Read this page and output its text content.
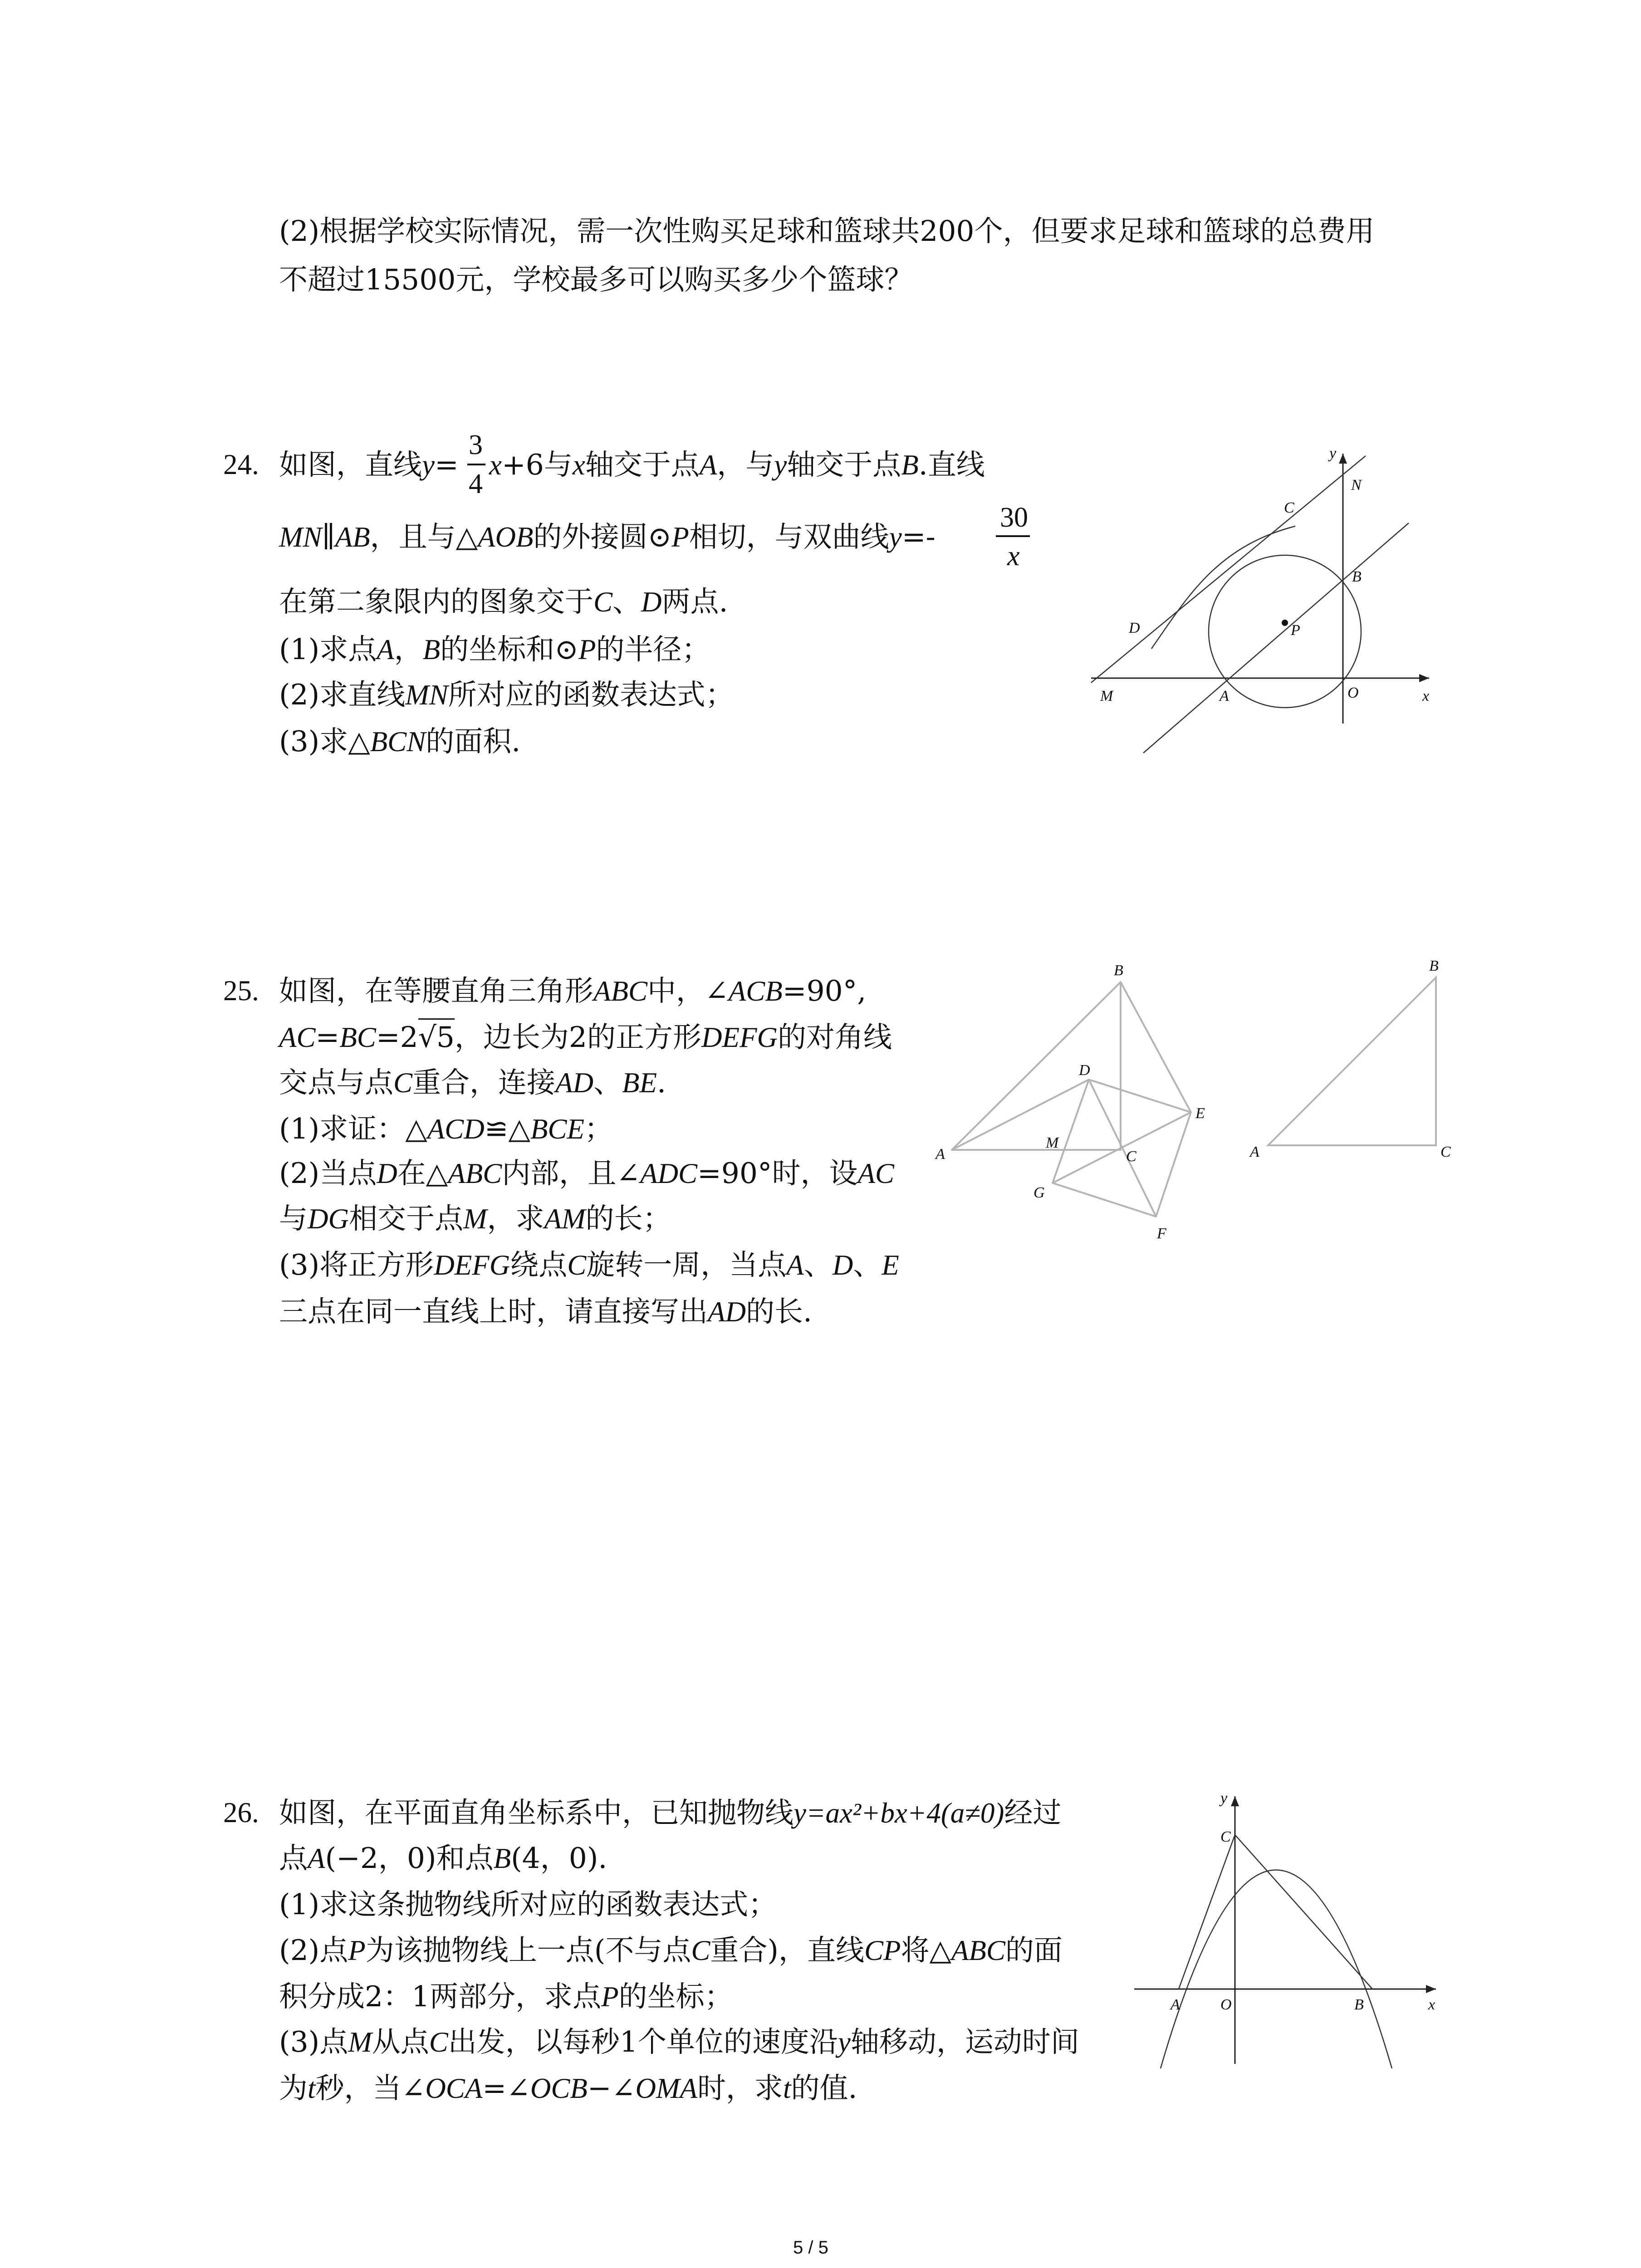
(2)根据学校实际情况，需一次性购买足球和篮球共200个，但要求足球和篮球的总费用
不超过15500元，学校最多可以购买多少个篮球？
24. 如图，直线y=
3
4
x+6与x轴交于点A，与y轴交于点B.直线
MN∥AB，且与△AOB的外接圆⊙P相切，与双曲线y=-
30
x
在第二象限内的图象交于C、D两点.
(1)求点A，B的坐标和⊙P的半径；
(2)求直线MN所对应的函数表达式；
(3)求△BCN的面积.
y
N
C
B
D	P
M	A	O	x
25. 如图，在等腰直角三角形ABC中，∠ACB=90°,
AC=BC=2√5，边长为2的正方形DEFG的对角线
交点与点C重合，连接AD、BE.
(1)求证：△ACD≌△BCE；
(2)当点D在△ABC内部，且∠ADC=90°时，设AC
与DG相交于点M，求AM的长；
(3)将正方形DEFG绕点C旋转一周，当点A、D、E
三点在同一直线上时，请直接写出AD的长.
B
D
E
A
M
C
G
F
B
A	C
26. 如图，在平面直角坐标系中，已知抛物线y=ax²+bx+4(a≠0)经过
点A(−2，0)和点B(4，0).
(1)求这条抛物线所对应的函数表达式；
(2)点P为该抛物线上一点(不与点C重合)，直线CP将△ABC的面
积分成2：1两部分，求点P的坐标；
(3)点M从点C出发，以每秒1个单位的速度沿y轴移动，运动时间
为t秒，当∠OCA=∠OCB−∠OMA时，求t的值.
y
C
A	O	B	x
5 / 5
